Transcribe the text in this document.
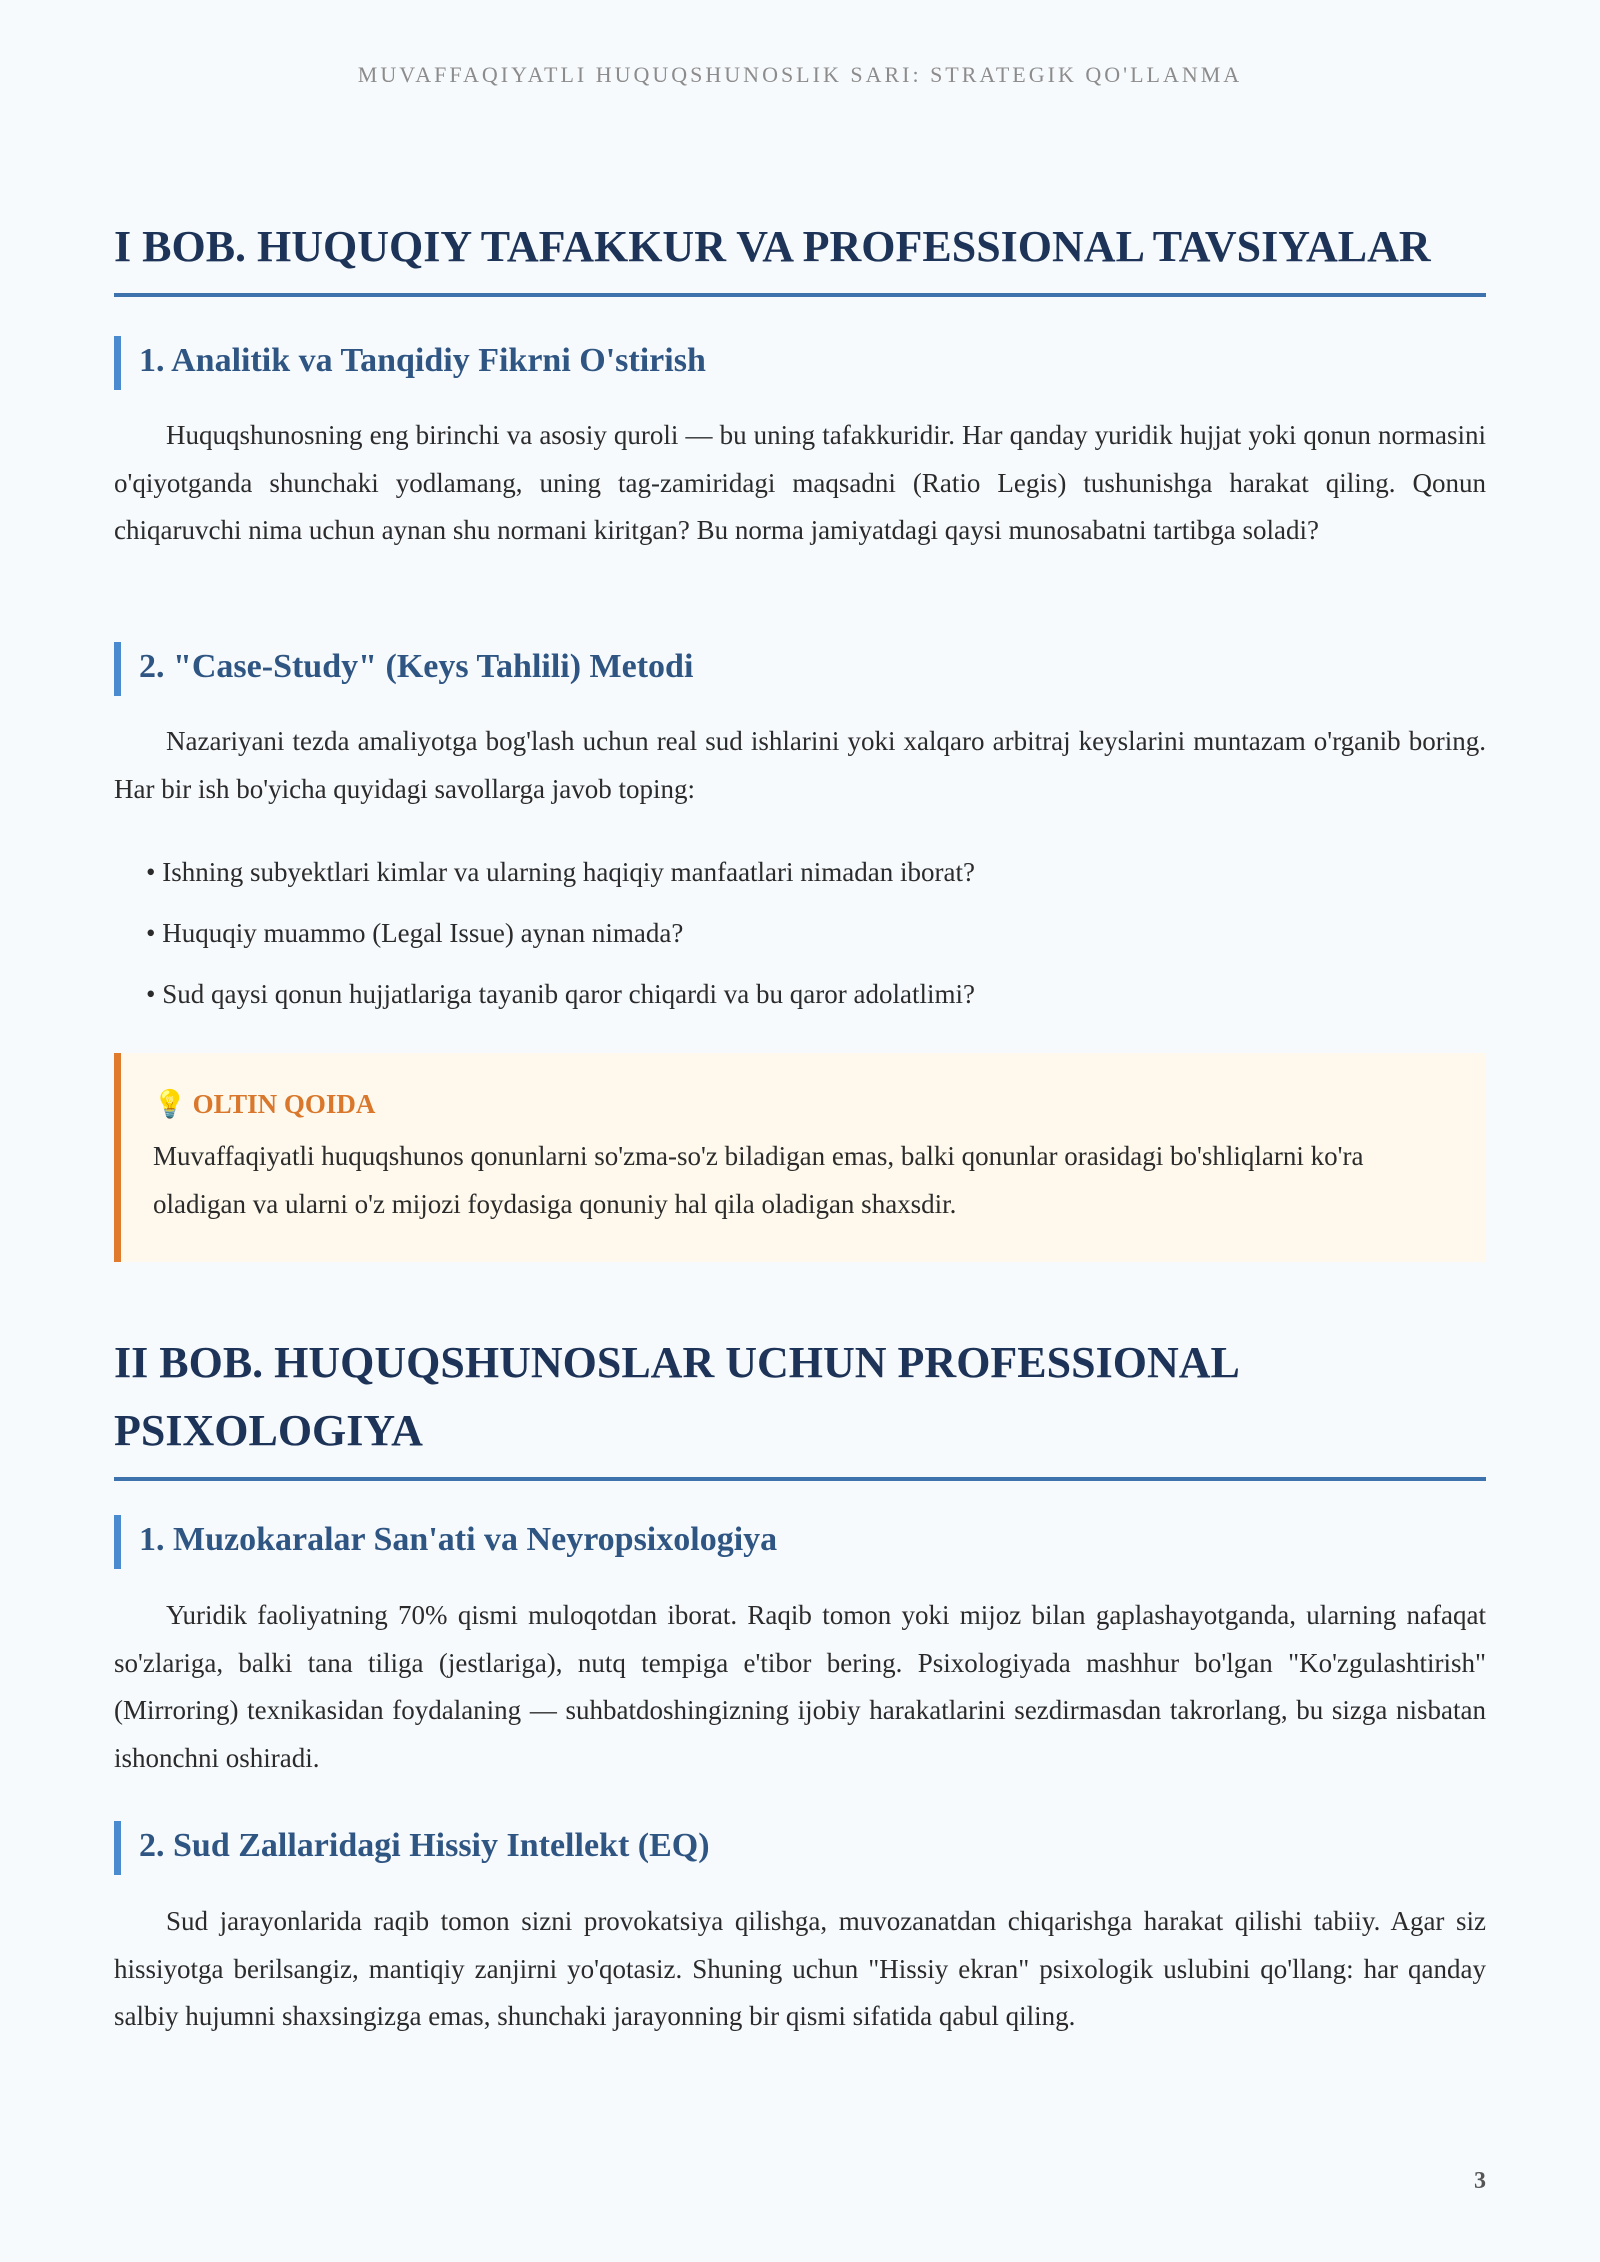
MUVAFFAQIYATLI HUQUQSHUNOSLIK SARI: STRATEGIK QO'LLANMA
I BOB. HUQUQIY TAFAKKUR VA PROFESSIONAL TAVSIYALAR
1. Analitik va Tanqidiy Fikrni O'stirish

Huquqshunosning eng birinchi va asosiy quroli — bu uning tafakkuridir. Har qanday yuridik hujjat yoki qonun normasini o'qiyotganda shunchaki yodlamang, uning tag-zamiridagi maqsadni (Ratio Legis) tushunishga harakat qiling. Qonun chiqaruvchi nima uchun aynan shu normani kiritgan? Bu norma jamiyatdagi qaysi munosabatni tartibga soladi?

2. "Case-Study" (Keys Tahlili) Metodi

Nazariyani tezda amaliyotga bog'lash uchun real sud ishlarini yoki xalqaro arbitraj keyslarini muntazam o'rganib boring. Har bir ish bo'yicha quyidagi savollarga javob toping:

• Ishning subyektlari kimlar va ularning haqiqiy manfaatlari nimadan iborat?
• Huquqiy muammo (Legal Issue) aynan nimada?
• Sud qaysi qonun hujjatlariga tayanib qaror chiqardi va bu qaror adolatlimi?
💡 OLTIN QOIDA
Muvaffaqiyatli huquqshunos qonunlarni so'zma-so'z biladigan emas, balki qonunlar orasidagi bo'shliqlarni ko'ra oladigan va ularni o'z mijozi foydasiga qonuniy hal qila oladigan shaxsdir.
II BOB. HUQUQSHUNOSLAR UCHUN PROFESSIONAL PSIXOLOGIYA
1. Muzokaralar San'ati va Neyropsixologiya

Yuridik faoliyatning 70% qismi muloqotdan iborat. Raqib tomon yoki mijoz bilan gaplashayotganda, ularning nafaqat so'zlariga, balki tana tiliga (jestlariga), nutq tempiga e'tibor bering. Psixologiyada mashhur bo'lgan "Ko'zgulashtirish" (Mirroring) texnikasidan foydalaning — suhbatdoshingizning ijobiy harakatlarini sezdirmasdan takrorlang, bu sizga nisbatan ishonchni oshiradi.

2. Sud Zallaridagi Hissiy Intellekt (EQ)

Sud jarayonlarida raqib tomon sizni provokatsiya qilishga, muvozanatdan chiqarishga harakat qilishi tabiiy. Agar siz hissiyotga berilsangiz, mantiqiy zanjirni yo'qotasiz. Shuning uchun "Hissiy ekran" psixologik uslubini qo'llang: har qanday salbiy hujumni shaxsingizga emas, shunchaki jarayonning bir qismi sifatida qabul qiling.

3
